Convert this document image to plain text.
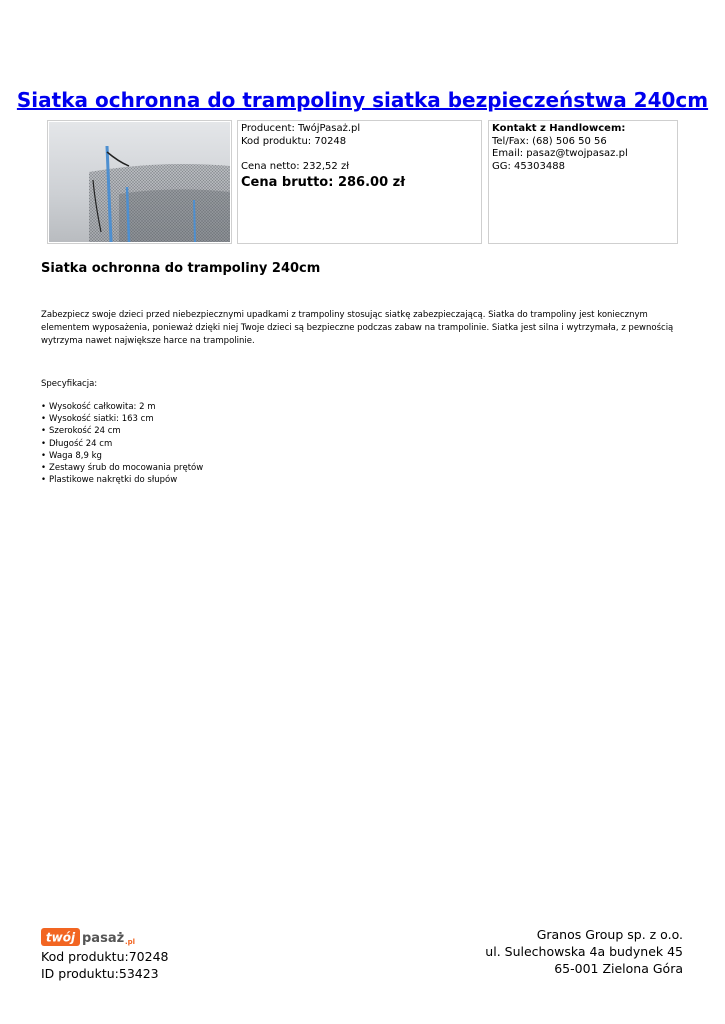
Siatka ochronna do trampoliny siatka bezpieczeństwa 240cm
Producent: TwójPasaż.pl
Kod produktu: 70248
Cena netto: 232,52 zł
Cena brutto: 286.00 zł
Kontakt z Handlowcem:
Tel/Fax: (68) 506 50 56
Email: pasaz@twojpasaz.pl
GG: 45303488
Siatka ochronna do trampoliny 240cm

Zabezpiecz swoje dzieci przed niebezpiecznymi upadkami z trampoliny stosując siatkę zabezpieczającą. Siatka do trampoliny jest koniecznym elementem wyposażenia, ponieważ dzięki niej Twoje dzieci są bezpieczne podczas zabaw na trampolinie. Siatka jest silna i wytrzymała, z pewnością wytrzyma nawet największe harce na trampolinie.

Specyfikacja:
• Wysokość całkowita: 2 m
• Wysokość siatki: 163 cm
• Szerokość 24 cm
• Długość 24 cm
• Waga 8,9 kg
• Zestawy śrub do mocowania prętów
• Plastikowe nakrętki do słupów
twój pasaż .pl
Kod produktu:70248
ID produktu:53423
Granos Group sp. z o.o.
ul. Sulechowska 4a budynek 45
65-001 Zielona Góra
